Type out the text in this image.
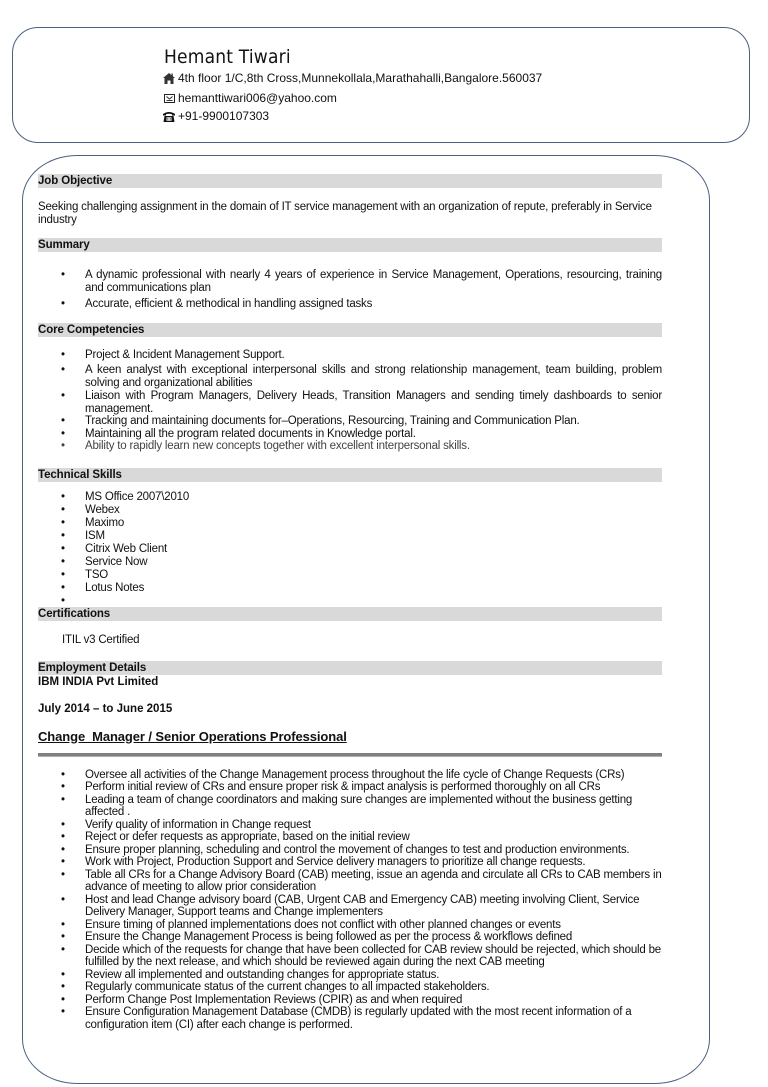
Hemant Tiwari
4th floor 1/C,8th Cross,Munnekollala,Marathahalli,Bangalore.560037
hemanttiwari006@yahoo.com
+91-9900107303
Job Objective
Seeking challenging assignment in the domain of IT service management with an organization of repute, preferably in Service industry
Summary
• A dynamic professional with nearly 4 years of experience in Service Management, Operations, resourcing, training and communications plan
• Accurate, efficient & methodical in handling assigned tasks
Core Competencies
• Project & Incident Management Support.
• A keen analyst with exceptional interpersonal skills and strong relationship management, team building, problem solving and organizational abilities
• Liaison with Program Managers, Delivery Heads, Transition Managers and sending timely dashboards to senior management.
• Tracking and maintaining documents for–Operations, Resourcing, Training and Communication Plan.
• Maintaining all the program related documents in Knowledge portal.
• Ability to rapidly learn new concepts together with excellent interpersonal skills.
Technical Skills
• MS Office 2007\2010
• Webex
• Maximo
• ISM
• Citrix Web Client
• Service Now
• TSO
• Lotus Notes
•
Certifications
ITIL v3 Certified
Employment Details
IBM INDIA Pvt Limited
July 2014 – to June 2015
Change  Manager / Senior Operations Professional
• Oversee all activities of the Change Management process throughout the life cycle of Change Requests (CRs)
• Perform initial review of CRs and ensure proper risk & impact analysis is performed thoroughly on all CRs
• Leading a team of change coordinators and making sure changes are implemented without the business getting affected .
• Verify quality of information in Change request
• Reject or defer requests as appropriate, based on the initial review
• Ensure proper planning, scheduling and control the movement of changes to test and production environments.
• Work with Project, Production Support and Service delivery managers to prioritize all change requests.
• Table all CRs for a Change Advisory Board (CAB) meeting, issue an agenda and circulate all CRs to CAB members in advance of meeting to allow prior consideration
• Host and lead Change advisory board (CAB, Urgent CAB and Emergency CAB) meeting involving Client, Service Delivery Manager, Support teams and Change implementers
• Ensure timing of planned implementations does not conflict with other planned changes or events
• Ensure the Change Management Process is being followed as per the process & workflows defined
• Decide which of the requests for change that have been collected for CAB review should be rejected, which should be fulfilled by the next release, and which should be reviewed again during the next CAB meeting
• Review all implemented and outstanding changes for appropriate status.
• Regularly communicate status of the current changes to all impacted stakeholders.
• Perform Change Post Implementation Reviews (CPIR) as and when required
• Ensure Configuration Management Database (CMDB) is regularly updated with the most recent information of a configuration item (CI) after each change is performed.
